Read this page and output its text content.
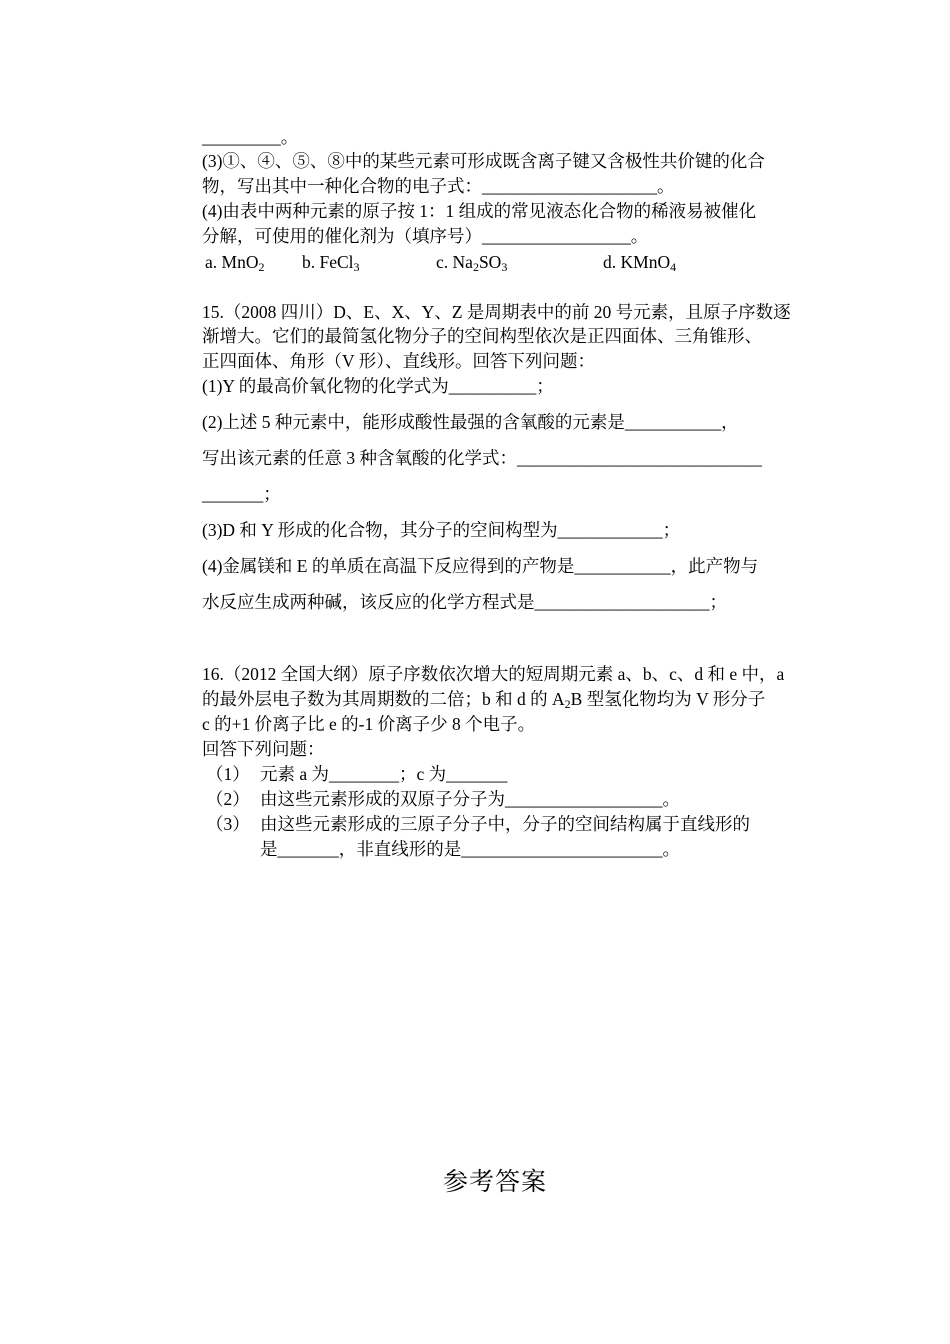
_________。
(3)①、④、⑤、⑧中的某些元素可形成既含离子键又含极性共价键的化合
物，写出其中一种化合物的电子式：____________________。
(4)由表中两种元素的原子按 1：1 组成的常见液态化合物的稀液易被催化
分解，可使用的催化剂为（填序号）_________________。
a. MnO$_2$ b. FeCl$_3$	c. $Na_2SO_3$	d. KMnO$_4$
15.（2008 四川）D、E、X、Y、Z 是周期表中的前 20 号元素，且原子序数逐
渐增大。它们的最简氢化物分子的空间构型依次是正四面体、三角锥形、
正四面体、角形（V 形）、直线形。回答下列问题：
(1)Y 的最高价氧化物的化学式为__________；
(2)上述 5 种元素中，能形成酸性最强的含氧酸的元素是___________，
写出该元素的任意 3 种含氧酸的化学式：____________________________
_______；
(3)D 和 Y 形成的化合物，其分子的空间构型为____________；
(4)金属镁和 E 的单质在高温下反应得到的产物是___________，此产物与
水反应生成两种碱，该反应的化学方程式是____________________；
16.（2012 全国大纲）原子序数依次增大的短周期元素 a、b、c、d 和 e 中，a
的最外层电子数为其周期数的二倍；b 和 d 的 $A_2B$ 型氢化物均为 V 形分子
c 的+1 价离子比 e 的-1 价离子少 8 个电子。
回答下列问题：
（1） 元素 a 为________；c 为_______
（2） 由这些元素形成的双原子分子为__________________。
（3） 由这些元素形成的三原子分子中，分子的空间结构属于直线形的
是_______，非直线形的是_______________________。
参考答案
